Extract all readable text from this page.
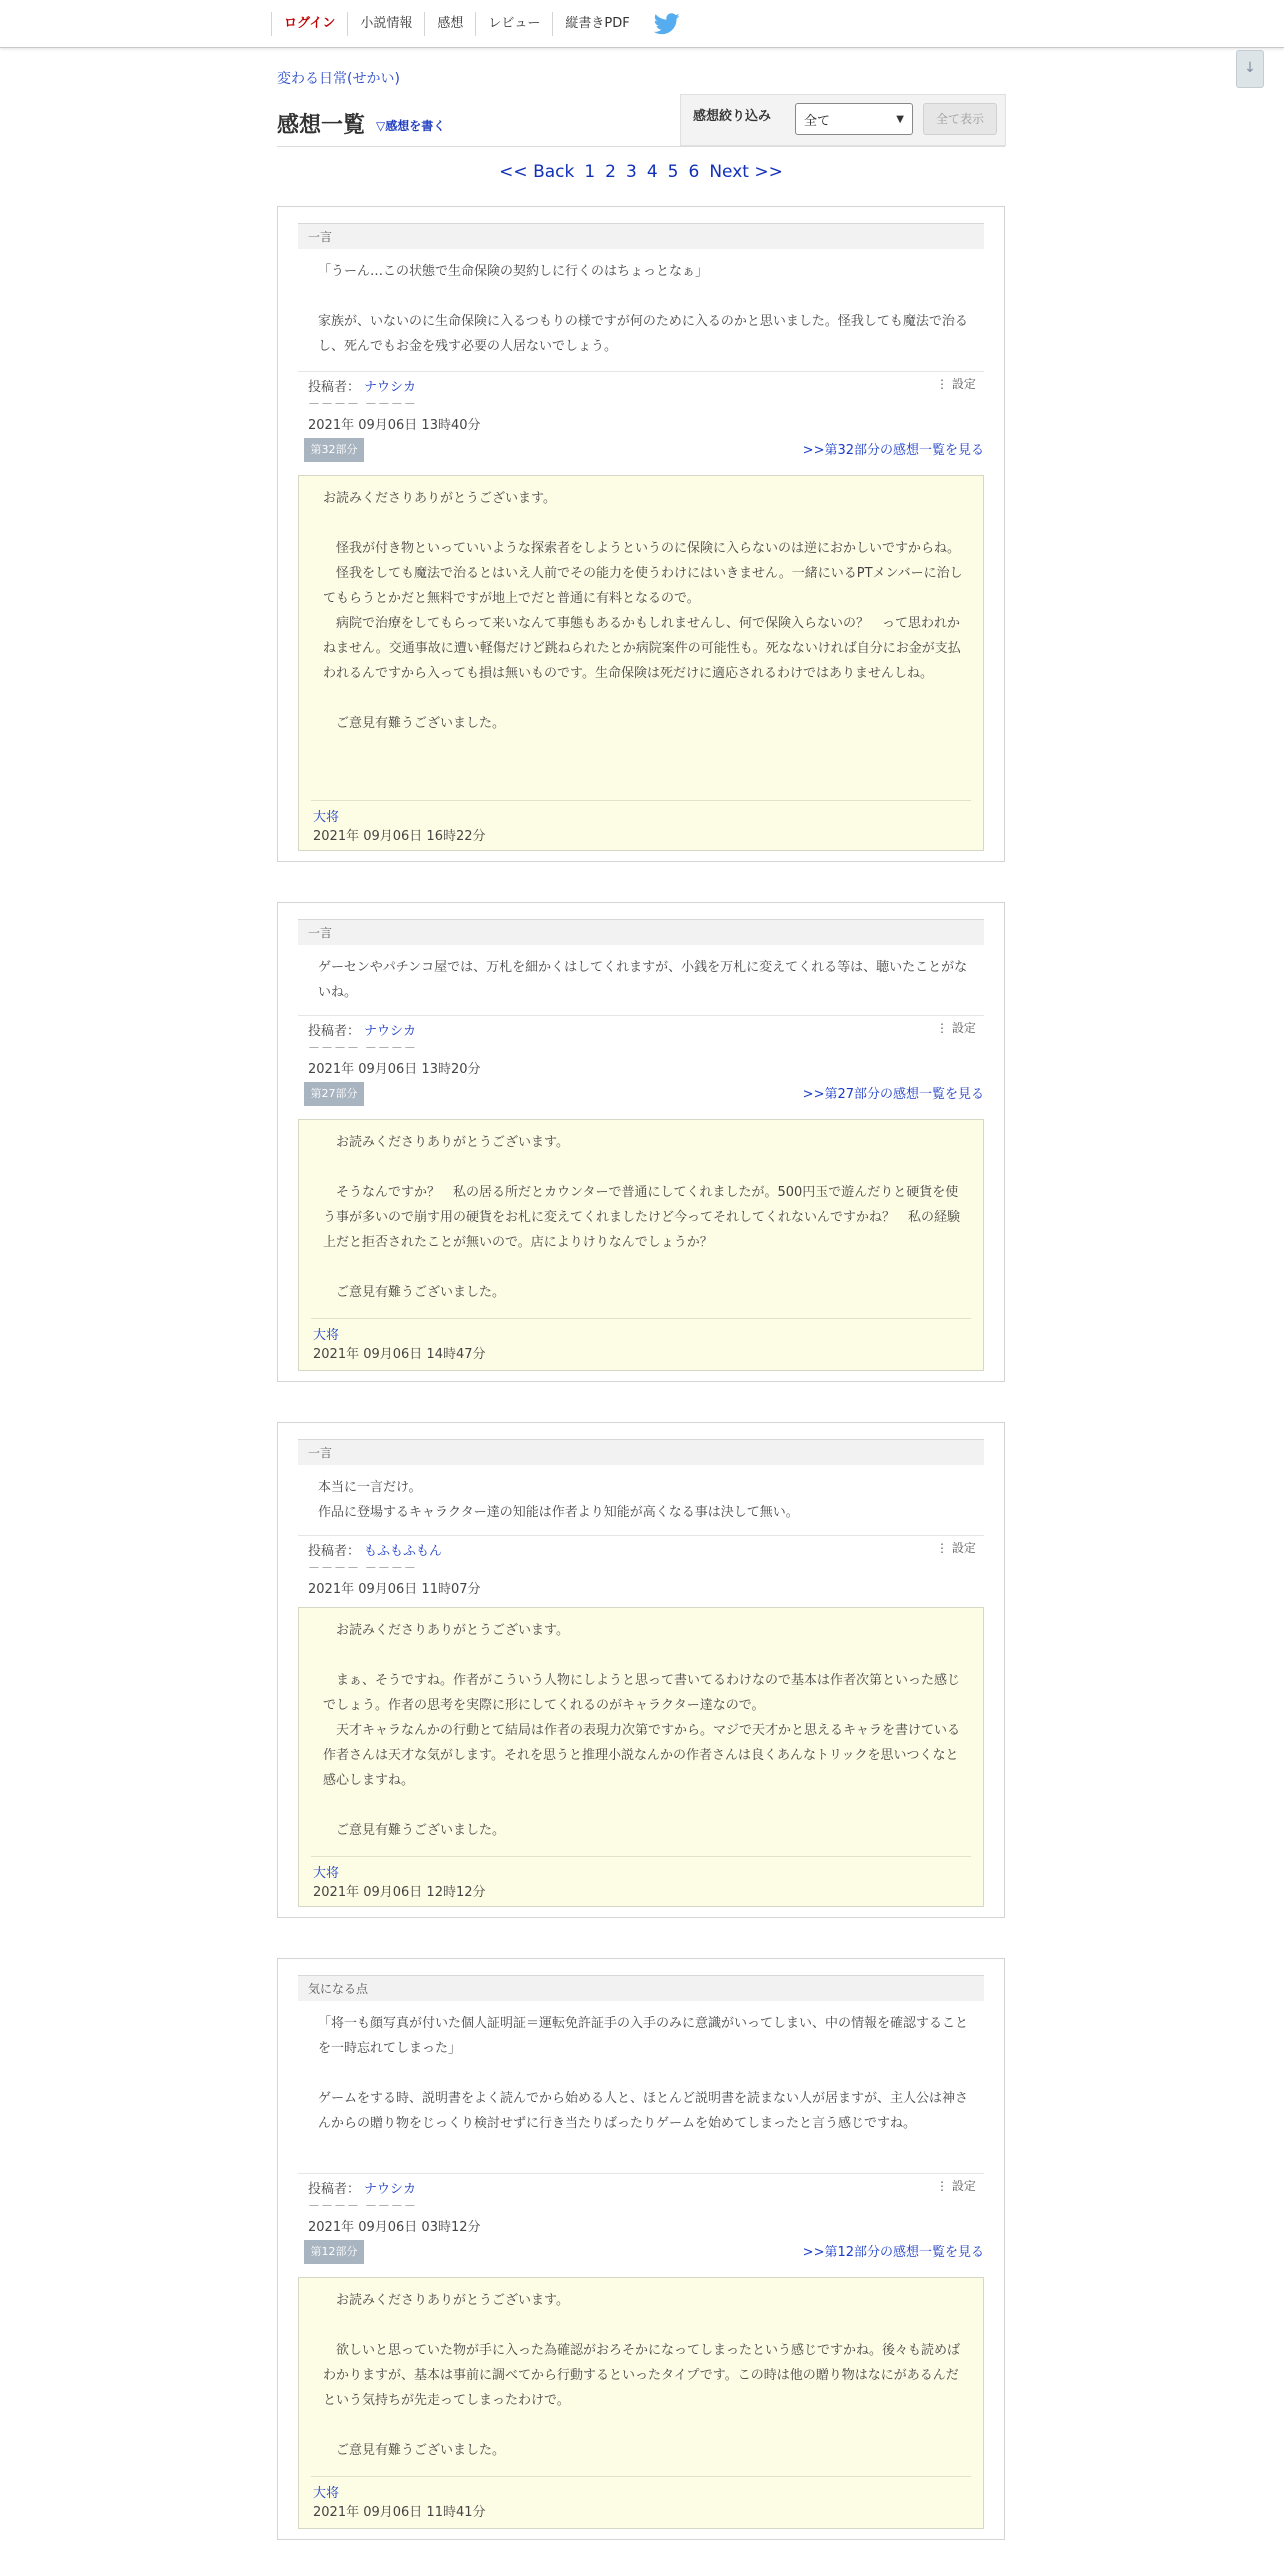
ログイン	小説情報	感想	レビュー	縦書きPDF
↓
変わる日常(せかい)
感想一覧 ▽感想を書く
感想絞り込み	全て	▼	全て表示
<< Back 1 2 3 4 5 6 Next >>
一言
「うーん…この状態で生命保険の契約しに行くのはちょっとなぁ」

家族が、いないのに生命保険に入るつもりの様ですが何のために入るのかと思いました。怪我しても魔法で治るし、死んでもお金を残す必要の人居ないでしょう。
投稿者： ナウシカ
－－－－ －－－－
2021年 09月06日 13時40分
⋮ 設定
第32部分	>>第32部分の感想一覧を見る
お読みくださりありがとうございます。

　怪我が付き物といっていいような探索者をしようというのに保険に入らないのは逆におかしいですからね。
　怪我をしても魔法で治るとはいえ人前でその能力を使うわけにはいきません。一緒にいるPTメンバーに治してもらうとかだと無料ですが地上でだと普通に有料となるので。
　病院で治療をしてもらって来いなんて事態もあるかもしれませんし、何で保険入らないの？　って思われかねません。交通事故に遭い軽傷だけど跳ねられたとか病院案件の可能性も。死なないければ自分にお金が支払われるんですから入っても損は無いものです。生命保険は死だけに適応されるわけではありませんしね。

　ご意見有難うございました。
大将
2021年 09月06日 16時22分
一言
ゲーセンやパチンコ屋では、万札を細かくはしてくれますが、小銭を万札に変えてくれる等は、聴いたことがないね。
投稿者： ナウシカ
－－－－ －－－－
2021年 09月06日 13時20分
⋮ 設定
第27部分	>>第27部分の感想一覧を見る
　お読みくださりありがとうございます。

　そうなんですか？　私の居る所だとカウンターで普通にしてくれましたが。500円玉で遊んだりと硬貨を使う事が多いので崩す用の硬貨をお札に変えてくれましたけど今ってそれしてくれないんですかね？　私の経験上だと拒否されたことが無いので。店によりけりなんでしょうか？

　ご意見有難うございました。
大将
2021年 09月06日 14時47分
一言
本当に一言だけ。
作品に登場するキャラクター達の知能は作者より知能が高くなる事は決して無い。
投稿者： もふもふもん
－－－－ －－－－
2021年 09月06日 11時07分
⋮ 設定
　お読みくださりありがとうございます。

　まぁ、そうですね。作者がこういう人物にしようと思って書いてるわけなので基本は作者次第といった感じでしょう。作者の思考を実際に形にしてくれるのがキャラクター達なので。
　天才キャラなんかの行動とて結局は作者の表現力次第ですから。マジで天才かと思えるキャラを書けている作者さんは天才な気がします。それを思うと推理小説なんかの作者さんは良くあんなトリックを思いつくなと感心しますね。

　ご意見有難うございました。
大将
2021年 09月06日 12時12分
気になる点
「将一も顔写真が付いた個人証明証＝運転免許証手の入手のみに意識がいってしまい、中の情報を確認することを一時忘れてしまった」

ゲームをする時、説明書をよく読んでから始める人と、ほとんど説明書を読まない人が居ますが、主人公は神さんからの贈り物をじっくり検討せずに行き当たりばったりゲームを始めてしまったと言う感じですね。
投稿者： ナウシカ
－－－－ －－－－
2021年 09月06日 03時12分
⋮ 設定
第12部分	>>第12部分の感想一覧を見る
　お読みくださりありがとうございます。

　欲しいと思っていた物が手に入った為確認がおろそかになってしまったという感じですかね。後々も読めばわかりますが、基本は事前に調べてから行動するといったタイプです。この時は他の贈り物はなにがあるんだという気持ちが先走ってしまったわけで。

　ご意見有難うございました。
大将
2021年 09月06日 11時41分
